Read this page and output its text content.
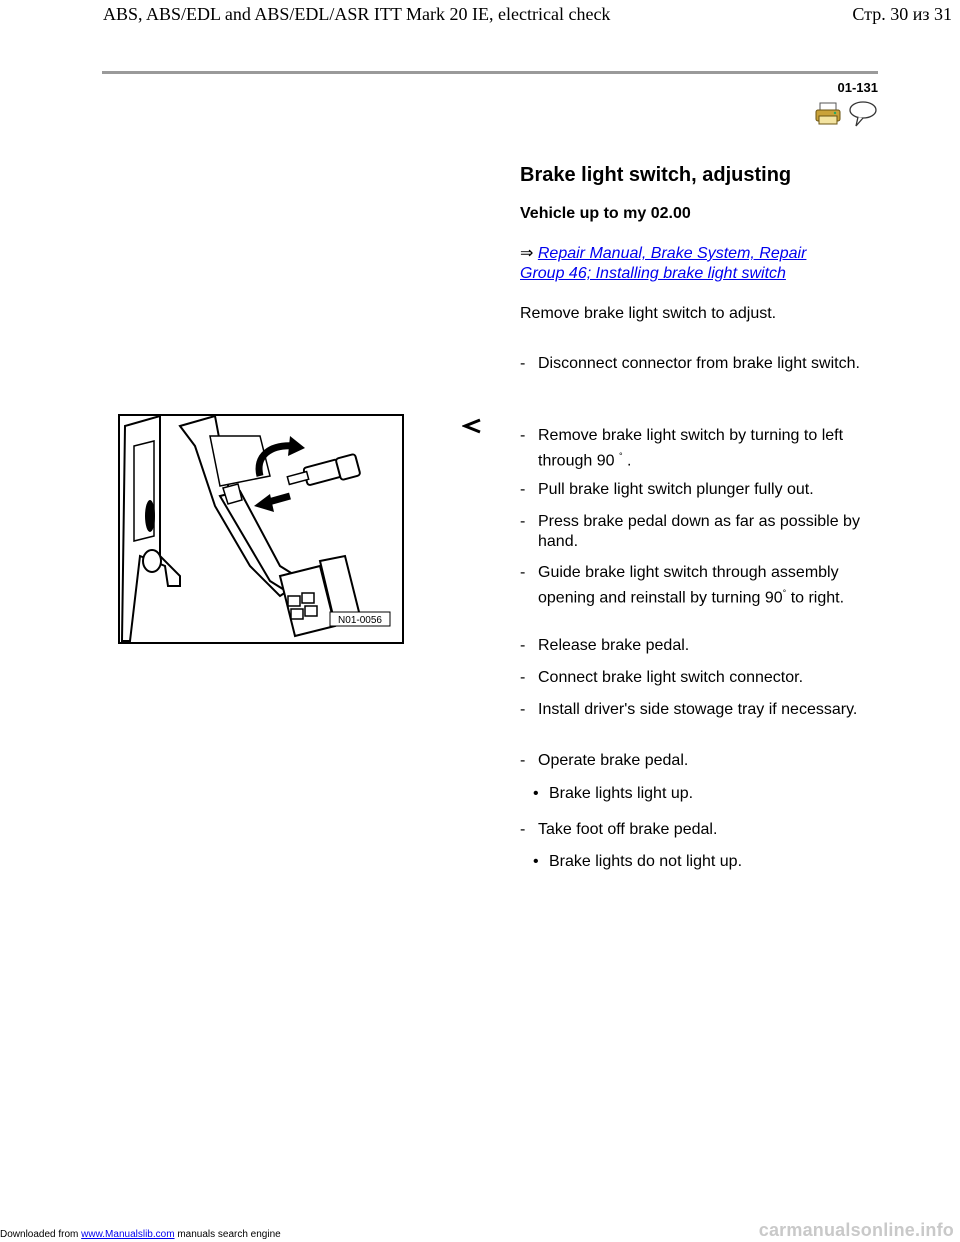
ABS, ABS/EDL and ABS/EDL/ASR ITT Mark 20 IE, electrical check	Стр. 30 из 31
01-131
Brake light switch, adjusting
Vehicle up to my 02.00
⇒ Repair Manual, Brake System, Repair Group 46; Installing brake light switch
Remove brake light switch to adjust.
- Disconnect connector from brake light switch.
- Remove brake light switch by turning to left through 90 ° .
- Pull brake light switch plunger fully out.
- Press brake pedal down as far as possible by hand.
- Guide brake light switch through assembly opening and reinstall by turning 90° to right.
- Release brake pedal.
- Connect brake light switch connector.
- Install driver's side stowage tray if necessary.
- Operate brake pedal.
• Brake lights light up.
- Take foot off brake pedal.
• Brake lights do not light up.
N01-0056
Downloaded from www.Manualslib.com manuals search engine	carmanualsonline.info
